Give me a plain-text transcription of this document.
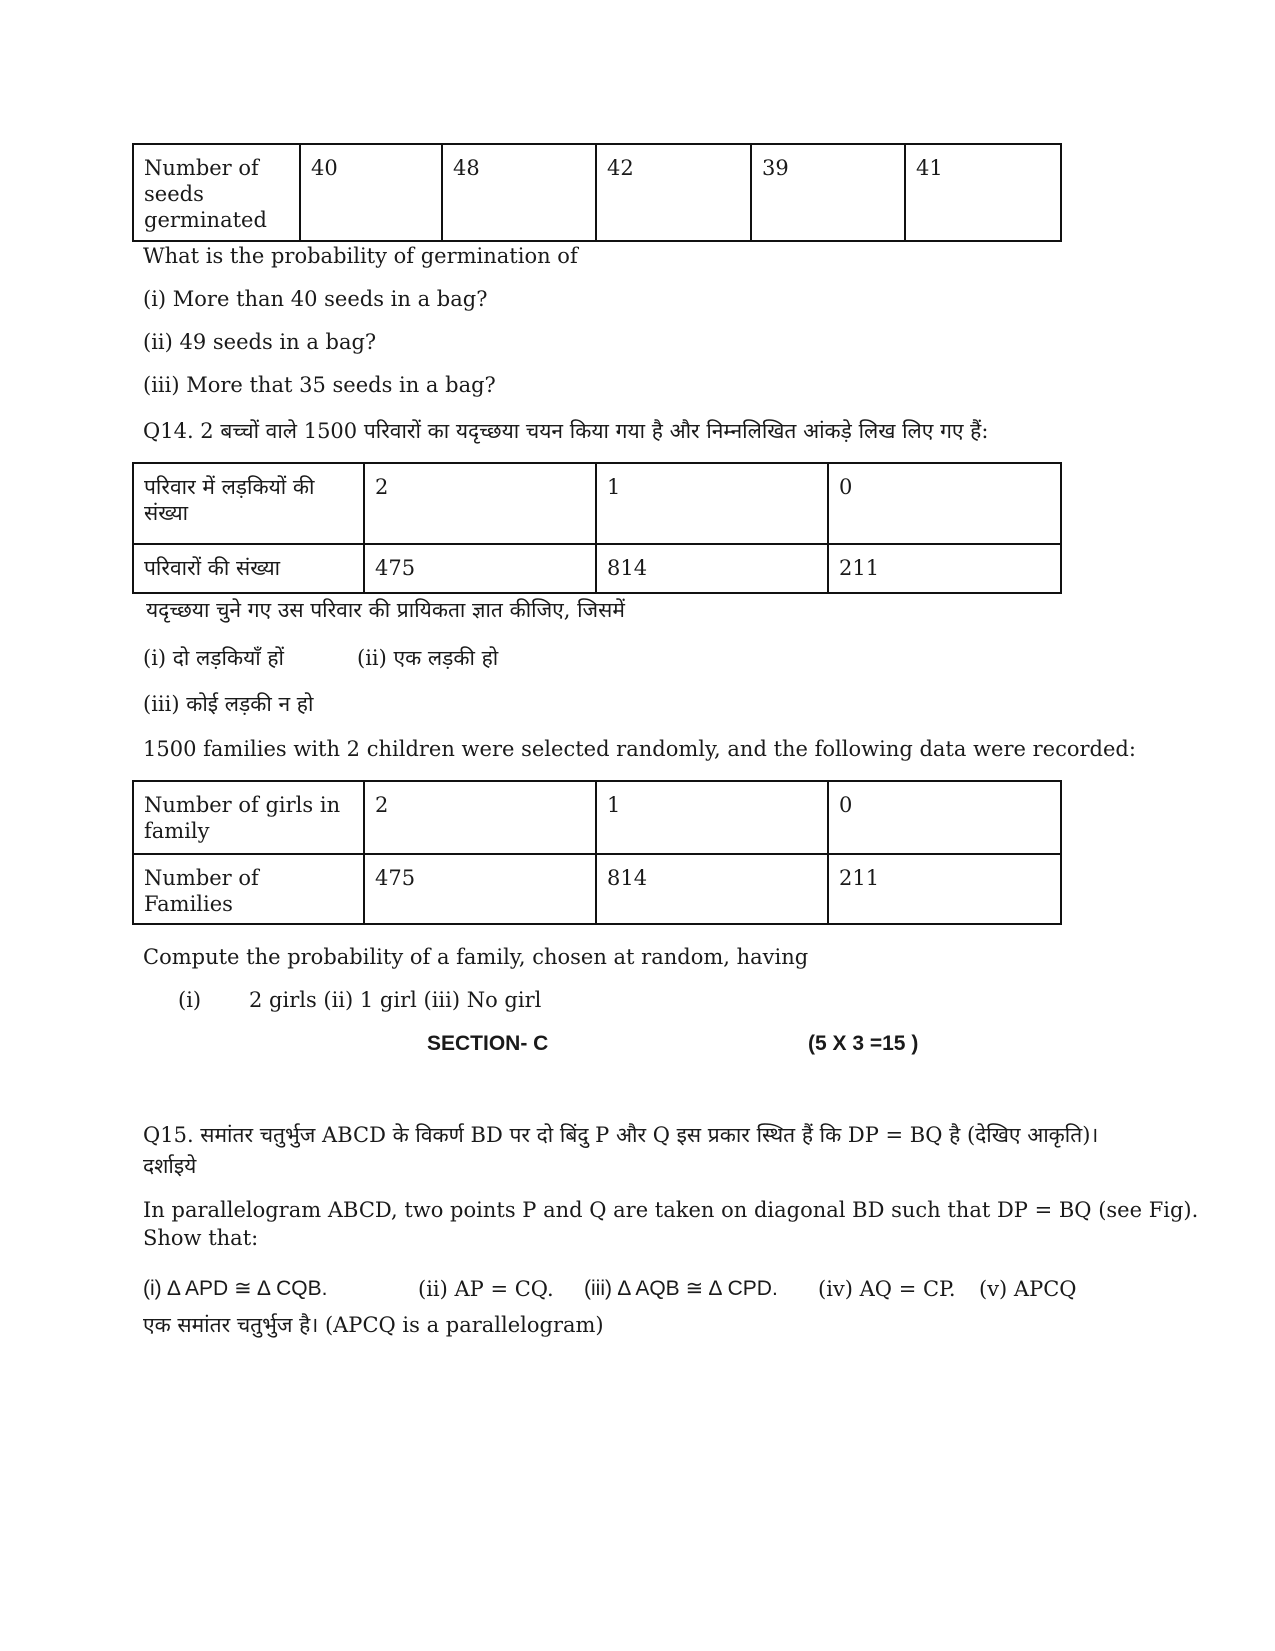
Number of seeds germinated	40	48	42	39	41
What is the probability of germination of
(i) More than 40 seeds in a bag?
(ii) 49 seeds in a bag?
(iii) More that 35 seeds in a bag?
Q14. 2 बच्चों वाले 1500 परिवारों का यदृच्छया चयन किया गया है और निम्नलिखित आंकड़े लिख लिए गए हैं:
परिवार में लड़कियों की संख्या	2	1	0
परिवारों की संख्या	475	814	211
यदृच्छया चुने गए उस परिवार की प्रायिकता ज्ञात कीजिए, जिसमें
(i) दो लड़कियाँ हों	(ii) एक लड़की हो
(iii) कोई लड़की न हो
1500 families with 2 children were selected randomly, and the following data were recorded:
Number of girls in family	2	1	0
Number of Families	475	814	211
Compute the probability of a family, chosen at random, having
(i) 2 girls (ii) 1 girl (iii) No girl
SECTION- C	(5 X 3 =15 )
Q15. समांतर चतुर्भुज ABCD के विकर्ण BD पर दो बिंदु P और Q इस प्रकार स्थित हैं कि DP = BQ है (देखिए आकृति)।
दर्शाइये
In parallelogram ABCD, two points P and Q are taken on diagonal BD such that DP = BQ (see Fig).
Show that:
(i) ∆ APD ≅ ∆ CQB.	(ii) AP = CQ. (iii) ∆ AQB ≅ ∆ CPD. (iv) AQ = CP. (v) APCQ
एक समांतर चतुर्भुज है। (APCQ is a parallelogram)
